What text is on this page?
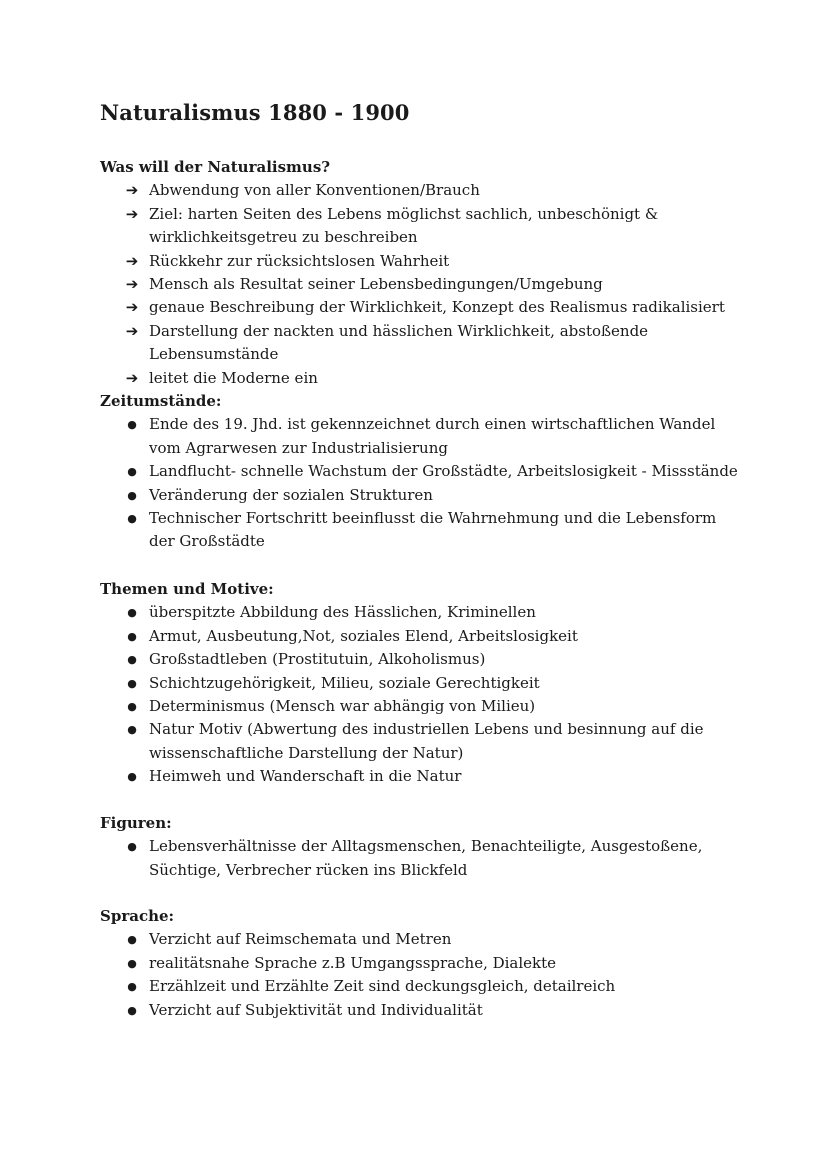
Naturalismus 1880 - 1900
Was will der Naturalismus?
➔ Abwendung von aller Konventionen/Brauch
➔ Ziel: harten Seiten des Lebens möglichst sachlich, unbeschönigt & wirklichkeitsgetreu zu beschreiben
➔ Rückkehr zur rücksichtslosen Wahrheit
➔ Mensch als Resultat seiner Lebensbedingungen/Umgebung
➔ genaue Beschreibung der Wirklichkeit, Konzept des Realismus radikalisiert
➔ Darstellung der nackten und hässlichen Wirklichkeit, abstoßende Lebensumstände
➔ leitet die Moderne ein
Zeitumstände:
● Ende des 19. Jhd. ist gekennzeichnet durch einen wirtschaftlichen Wandel vom Agrarwesen zur Industrialisierung
● Landflucht- schnelle Wachstum der Großstädte, Arbeitslosigkeit - Missstände
● Veränderung der sozialen Strukturen
● Technischer Fortschritt beeinflusst die Wahrnehmung und die Lebensform der Großstädte
Themen und Motive:
● überspitzte Abbildung des Hässlichen, Kriminellen
● Armut, Ausbeutung,Not, soziales Elend, Arbeitslosigkeit
● Großstadtleben (Prostitutuin, Alkoholismus)
● Schichtzugehörigkeit, Milieu, soziale Gerechtigkeit
● Determinismus (Mensch war abhängig von Milieu)
● Natur Motiv (Abwertung des industriellen Lebens und besinnung auf die wissenschaftliche Darstellung der Natur)
● Heimweh und Wanderschaft in die Natur
Figuren:
● Lebensverhältnisse der Alltagsmenschen, Benachteiligte, Ausgestoßene, Süchtige, Verbrecher rücken ins Blickfeld
Sprache:
● Verzicht auf Reimschemata und Metren
● realitätsnahe Sprache z.B Umgangssprache, Dialekte
● Erzählzeit und Erzählte Zeit sind deckungsgleich, detailreich
● Verzicht auf Subjektivität und Individualität
